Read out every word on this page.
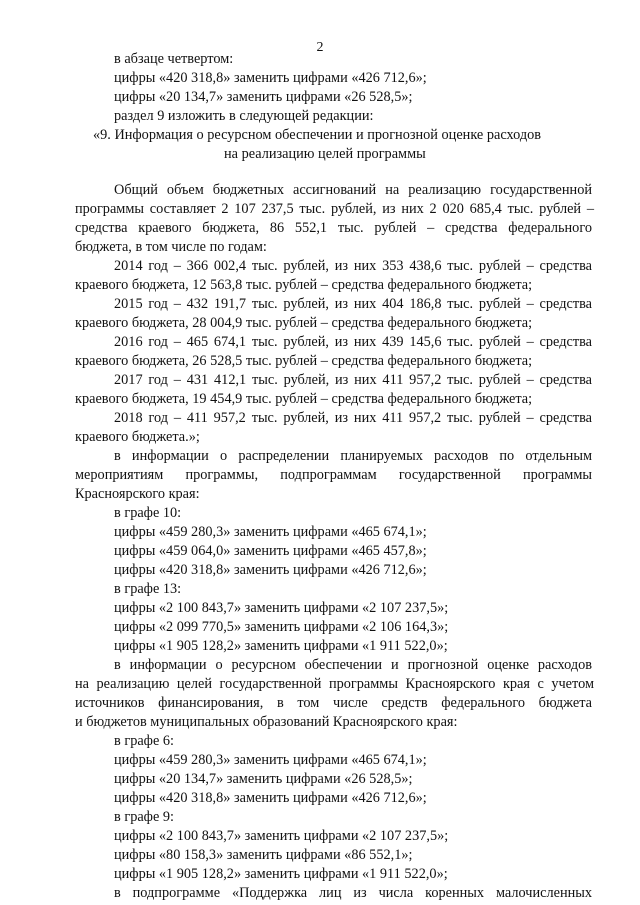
2
в абзаце четвертом:
цифры «420 318,8» заменить цифрами «426 712,6»;
цифры «20 134,7» заменить цифрами «26 528,5»;
раздел 9 изложить в следующей редакции:
«9. Информация о ресурсном обеспечении и прогнозной оценке расходов
на реализацию целей программы
Общий объем бюджетных ассигнований на реализацию государственной
программы составляет 2 107 237,5 тыс. рублей, из них 2 020 685,4 тыс. рублей –
средства краевого бюджета, 86 552,1 тыс. рублей – средства федерального
бюджета, в том числе по годам:
2014 год – 366 002,4 тыс. рублей, из них 353 438,6 тыс. рублей – средства
краевого бюджета, 12 563,8 тыс. рублей – средства федерального бюджета;
2015 год – 432 191,7 тыс. рублей, из них 404 186,8 тыс. рублей – средства
краевого бюджета, 28 004,9 тыс. рублей – средства федерального бюджета;
2016 год – 465 674,1 тыс. рублей, из них 439 145,6 тыс. рублей – средства
краевого бюджета, 26 528,5 тыс. рублей – средства федерального бюджета;
2017 год – 431 412,1 тыс. рублей, из них 411 957,2 тыс. рублей – средства
краевого бюджета, 19 454,9 тыс. рублей – средства федерального бюджета;
2018 год – 411 957,2 тыс. рублей, из них 411 957,2 тыс. рублей – средства
краевого бюджета.»;
в информации о распределении планируемых расходов по отдельным
мероприятиям программы, подпрограммам государственной программы
Красноярского края:
в графе 10:
цифры «459 280,3» заменить цифрами «465 674,1»;
цифры «459 064,0» заменить цифрами «465 457,8»;
цифры «420 318,8» заменить цифрами «426 712,6»;
в графе 13:
цифры «2 100 843,7» заменить цифрами «2 107 237,5»;
цифры «2 099 770,5» заменить цифрами «2 106 164,3»;
цифры «1 905 128,2» заменить цифрами «1 911 522,0»;
в информации о ресурсном обеспечении и прогнозной оценке расходов
на реализацию целей государственной программы Красноярского края с учетом
источников финансирования, в том числе средств федерального бюджета
и бюджетов муниципальных образований Красноярского края:
в графе 6:
цифры «459 280,3» заменить цифрами «465 674,1»;
цифры «20 134,7» заменить цифрами «26 528,5»;
цифры «420 318,8» заменить цифрами «426 712,6»;
в графе 9:
цифры «2 100 843,7» заменить цифрами «2 107 237,5»;
цифры «80 158,3» заменить цифрами «86 552,1»;
цифры «1 905 128,2» заменить цифрами «1 911 522,0»;
в подпрограмме «Поддержка лиц из числа коренных малочисленных
